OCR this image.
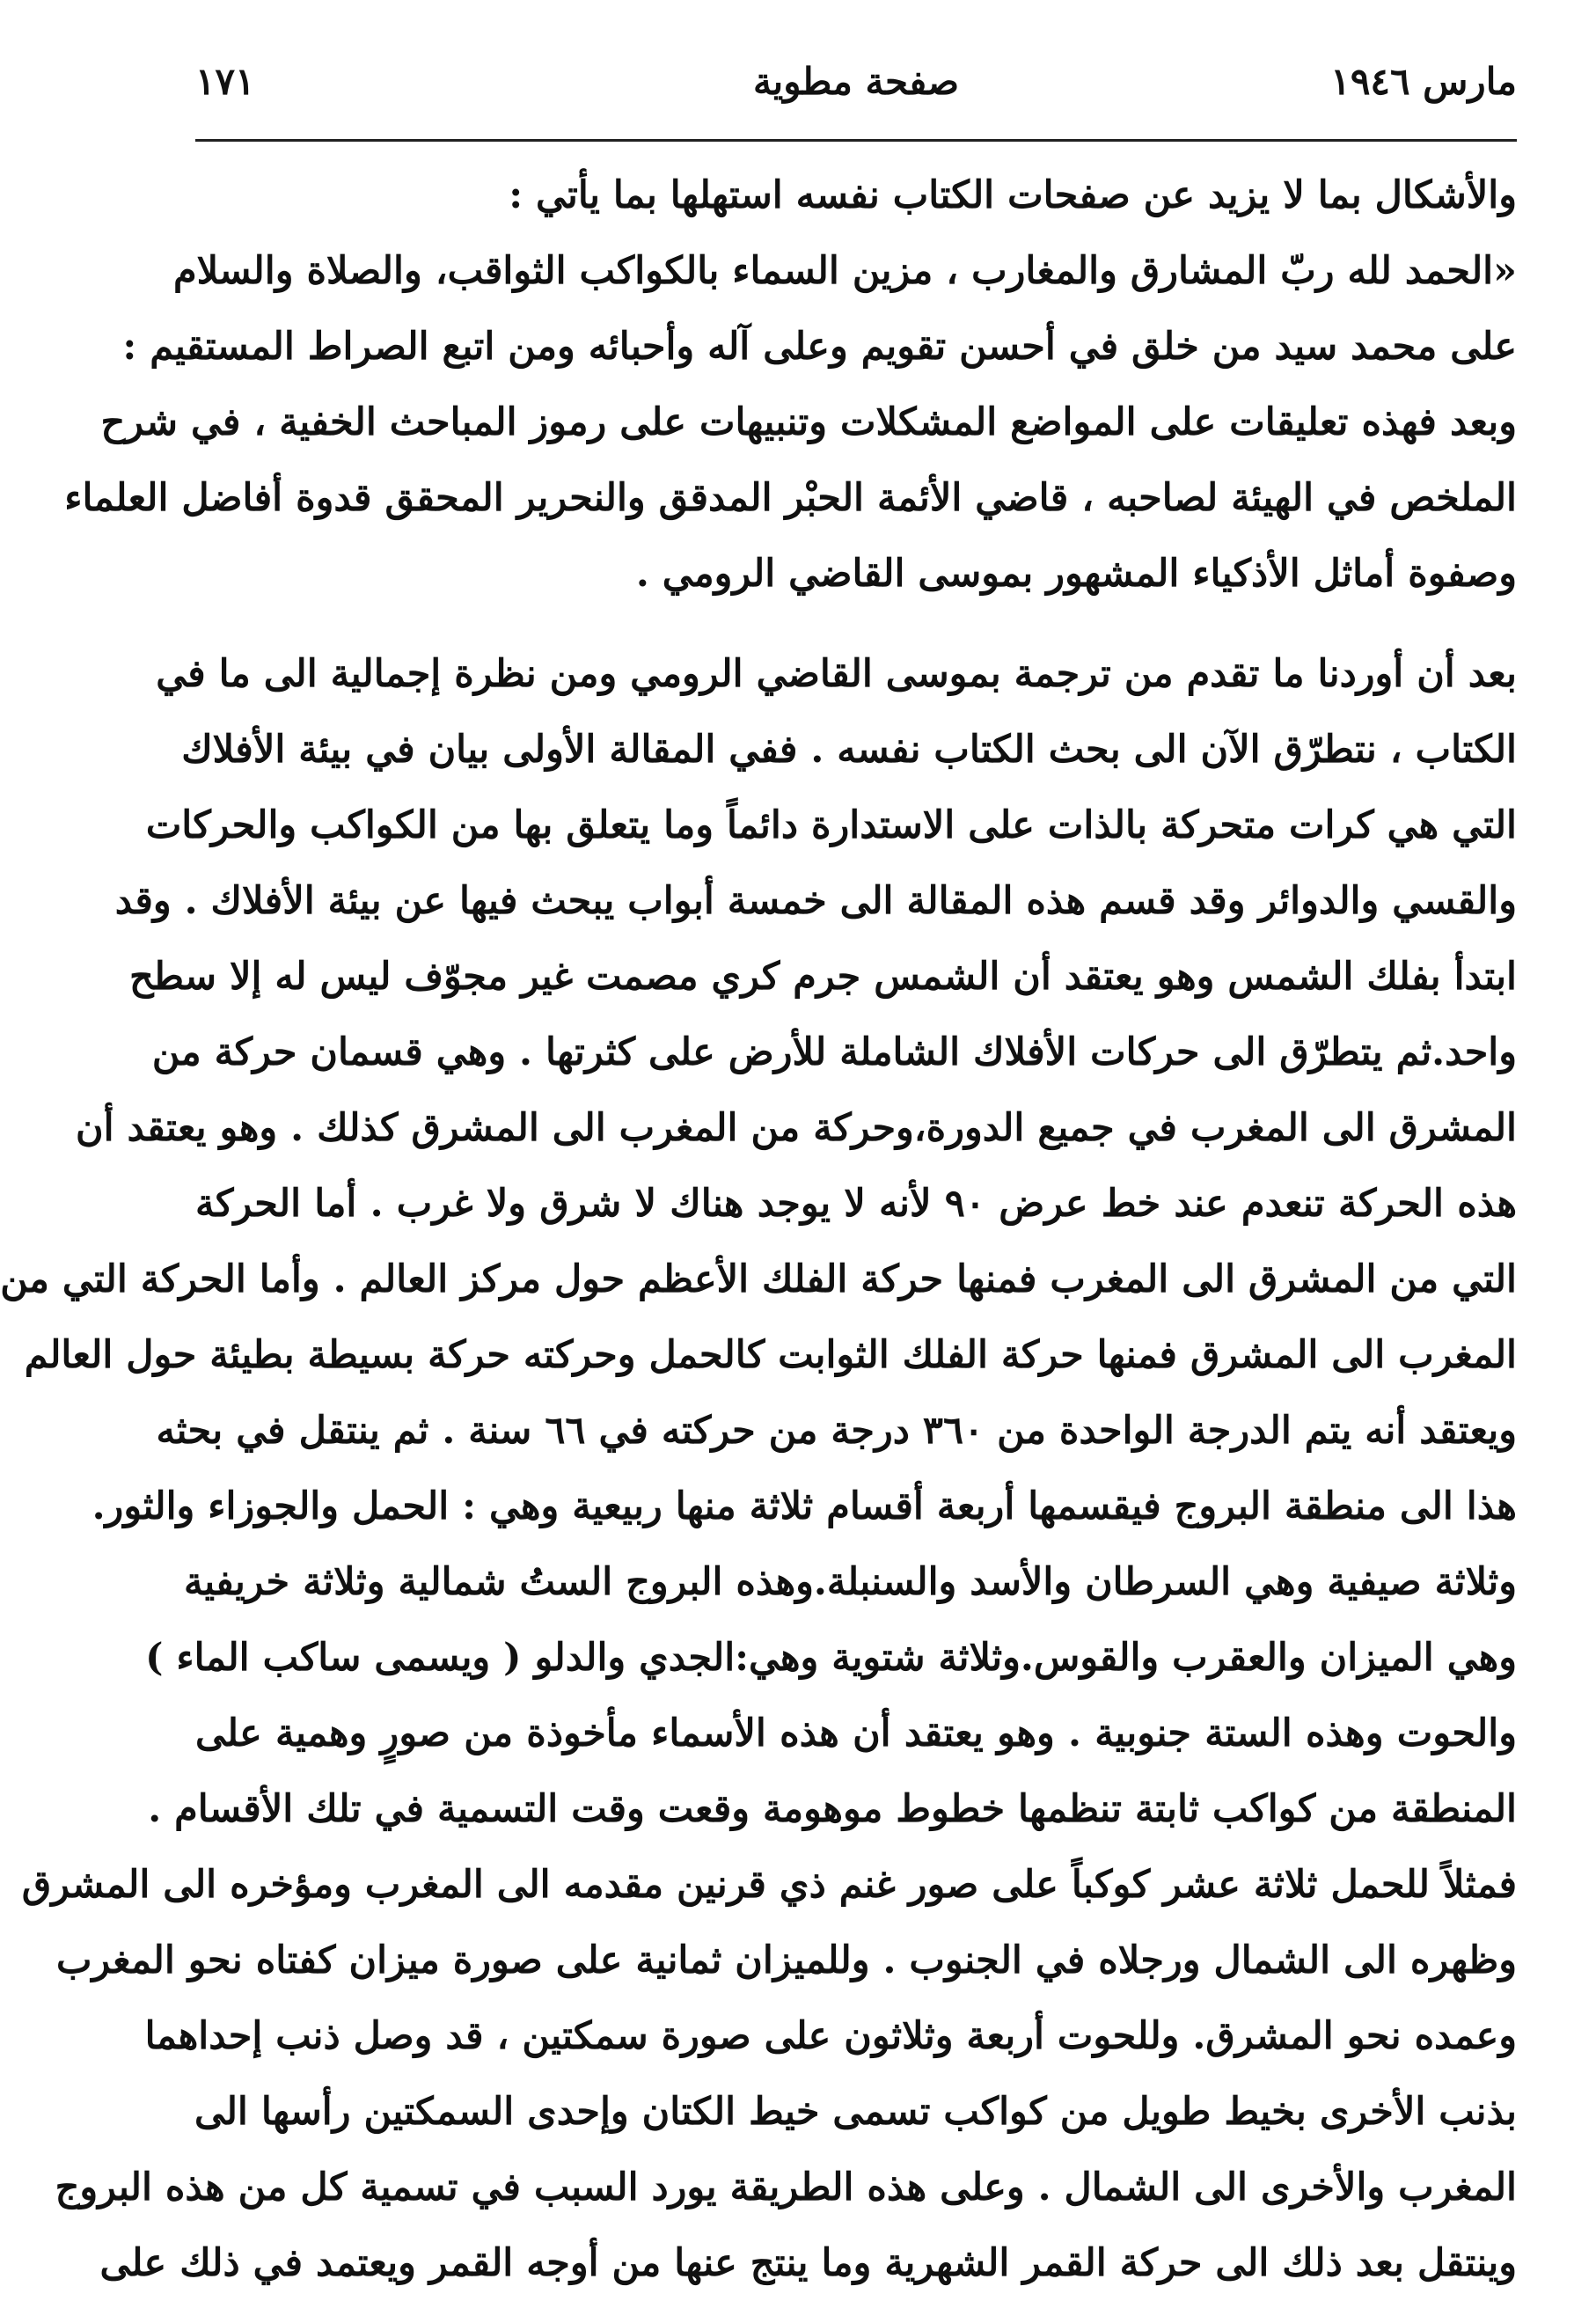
مارس ١٩٤٦
صفحة مطوية
١٧١
والأشكال بما لا يزيد عن صفحات الكتاب نفسه استهلها بما يأتي :
«الحمد لله ربّ المشارق والمغارب ، مزين السماء بالكواكب الثواقب، والصلاة والسلام
على محمد سيد من خلق في أحسن تقويم وعلى آله وأحبائه ومن اتبع الصراط المستقيم :
وبعد فهذه تعليقات على المواضع المشكلات وتنبيهات على رموز المباحث الخفية ، في شرح
الملخص في الهيئة لصاحبه ، قاضي الأئمة الحبْر المدقق والنحرير المحقق قدوة أفاضل العلماء
وصفوة أماثل الأذكياء المشهور بموسى القاضي الرومي .
بعد أن أوردنا ما تقدم من ترجمة بموسى القاضي الرومي ومن نظرة إجمالية الى ما في
الكتاب ، نتطرّق الآن الى بحث الكتاب نفسه . ففي المقالة الأولى بيان في بيئة الأفلاك
التي هي كرات متحركة بالذات على الاستدارة دائماً وما يتعلق بها من الكواكب والحركات
والقسي والدوائر وقد قسم هذه المقالة الى خمسة أبواب يبحث فيها عن بيئة الأفلاك . وقد
ابتدأ بفلك الشمس وهو يعتقد أن الشمس جرم كري مصمت غير مجوّف ليس له إلا سطح
واحد.ثم يتطرّق الى حركات الأفلاك الشاملة للأرض على كثرتها . وهي قسمان حركة من
المشرق الى المغرب في جميع الدورة،وحركة من المغرب الى المشرق كذلك . وهو يعتقد أن
هذه الحركة تنعدم عند خط عرض ٩٠ لأنه لا يوجد هناك لا شرق ولا غرب . أما الحركة
التي من المشرق الى المغرب فمنها حركة الفلك الأعظم حول مركز العالم . وأما الحركة التي من
المغرب الى المشرق فمنها حركة الفلك الثوابت كالحمل وحركته حركة بسيطة بطيئة حول العالم
ويعتقد أنه يتم الدرجة الواحدة من ٣٦٠ درجة من حركته في ٦٦ سنة . ثم ينتقل في بحثه
هذا الى منطقة البروج فيقسمها أربعة أقسام ثلاثة منها ربيعية وهي : الحمل والجوزاء والثور.
وثلاثة صيفية وهي السرطان والأسد والسنبلة.وهذه البروج الستُ شمالية وثلاثة خريفية
وهي الميزان والعقرب والقوس.وثلاثة شتوية وهي:الجدي والدلو ( ويسمى ساكب الماء )
والحوت وهذه الستة جنوبية . وهو يعتقد أن هذه الأسماء مأخوذة من صورٍ وهمية على
المنطقة من كواكب ثابتة تنظمها خطوط موهومة وقعت وقت التسمية في تلك الأقسام .
فمثلاً للحمل ثلاثة عشر كوكباً على صور غنم ذي قرنين مقدمه الى المغرب ومؤخره الى المشرق
وظهره الى الشمال ورجلاه في الجنوب . وللميزان ثمانية على صورة ميزان كفتاه نحو المغرب
وعمده نحو المشرق. وللحوت أربعة وثلاثون على صورة سمكتين ، قد وصل ذنب إحداهما
بذنب الأخرى بخيط طويل من كواكب تسمى خيط الكتان وإحدى السمكتين رأسها الى
المغرب والأخرى الى الشمال . وعلى هذه الطريقة يورد السبب في تسمية كل من هذه البروج
وينتقل بعد ذلك الى حركة القمر الشهرية وما ينتج عنها من أوجه القمر ويعتمد في ذلك على
